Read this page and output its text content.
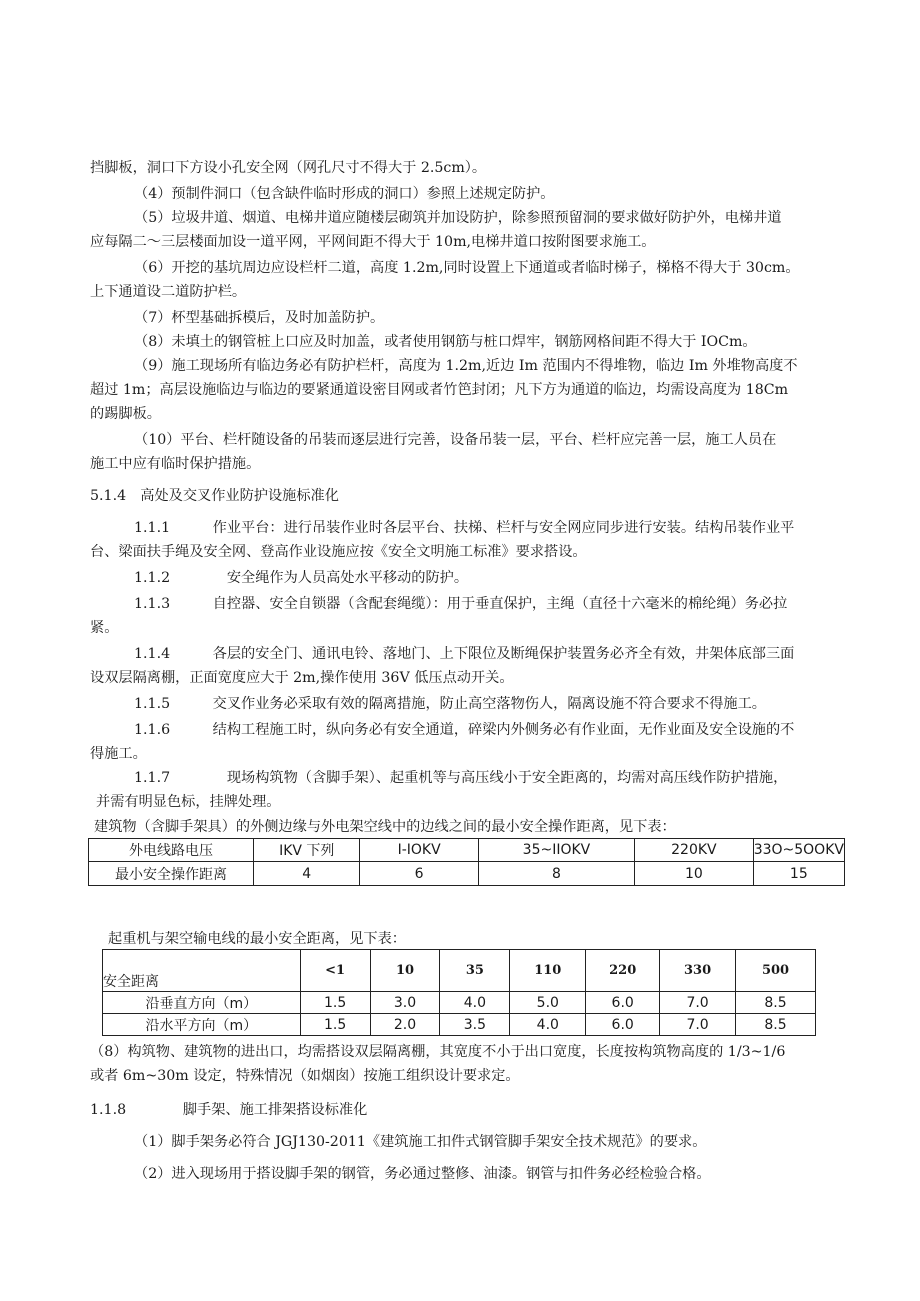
挡脚板，洞口下方设小孔安全网（网孔尺寸不得大于 2.5cm）。
（4）预制件洞口（包含缺件临时形成的洞口）参照上述规定防护。
（5）垃圾井道、烟道、电梯井道应随楼层砌筑并加设防护，除参照预留洞的要求做好防护外，电梯井道
应每隔二～三层楼面加设一道平网，平网间距不得大于 10m,电梯井道口按附图要求施工。
（6）开挖的基坑周边应设栏杆二道，高度 1.2m,同时设置上下通道或者临时梯子，梯格不得大于 30cm。
上下通道设二道防护栏。
（7）杯型基础拆模后，及时加盖防护。
（8）未填土的钢管桩上口应及时加盖，或者使用钢筋与桩口焊牢，钢筋网格间距不得大于 IOCm。
（9）施工现场所有临边务必有防护栏杆，高度为 1.2m,近边 Im 范围内不得堆物，临边 Im 外堆物高度不
超过 1m；高层设施临边与临边的要紧通道设密目网或者竹笆封闭；凡下方为通道的临边，均需设高度为 18Cm
的踢脚板。
（10）平台、栏杆随设备的吊装而逐层进行完善，设备吊装一层，平台、栏杆应完善一层，施工人员在
施工中应有临时保护措施。
5.1.4　高处及交叉作业防护设施标准化
1.1.1　　　作业平台：进行吊装作业时各层平台、扶梯、栏杆与安全网应同步进行安装。结构吊装作业平
台、梁面扶手绳及安全网、登高作业设施应按《安全文明施工标准》要求搭设。
1.1.2　　　　安全绳作为人员高处水平移动的防护。
1.1.3　　　自控器、安全自锁器（含配套绳缆）：用于垂直保护，主绳（直径十六毫米的棉纶绳）务必拉
紧。
1.1.4　　　各层的安全门、通讯电铃、落地门、上下限位及断绳保护装置务必齐全有效，井架体底部三面
设双层隔离棚，正面宽度应大于 2m,操作使用 36V 低压点动开关。
1.1.5　　　交叉作业务必采取有效的隔离措施，防止高空落物伤人，隔离设施不符合要求不得施工。
1.1.6　　　结构工程施工时，纵向务必有安全通道，碎梁内外侧务必有作业面，无作业面及安全设施的不
得施工。
1.1.7　　　　现场构筑物（含脚手架）、起重机等与高压线小于安全距离的，均需对高压线作防护措施，
并需有明显色标，挂牌处理。
建筑物（含脚手架具）的外侧边缘与外电架空线中的边线之间的最小安全操作距离，见下表：
外电线路电压	IKV 下列	I-IOKV	35~IIOKV	220KV	33O~5OOKV
最小安全操作距离	4	6	8	10	15
起重机与架空输电线的最小安全距离，见下表：
安全距离	<1	10	35	110	220	330	500
沿垂直方向（m）	1.5	3.0	4.0	5.0	6.0	7.0	8.5
沿水平方向（m）	1.5	2.0	3.5	4.0	6.0	7.0	8.5
（8）构筑物、建筑物的进出口，均需搭设双层隔离棚，其宽度不小于出口宽度，长度按构筑物高度的 1/3~1/6
或者 6m~30m 设定，特殊情况（如烟囱）按施工组织设计要求定。
1.1.8　　　　脚手架、施工排架搭设标准化
（1）脚手架务必符合 JGJ130-2011《建筑施工扣件式钢管脚手架安全技术规范》的要求。
（2）进入现场用于搭设脚手架的钢管，务必通过整修、油漆。钢管与扣件务必经检验合格。
